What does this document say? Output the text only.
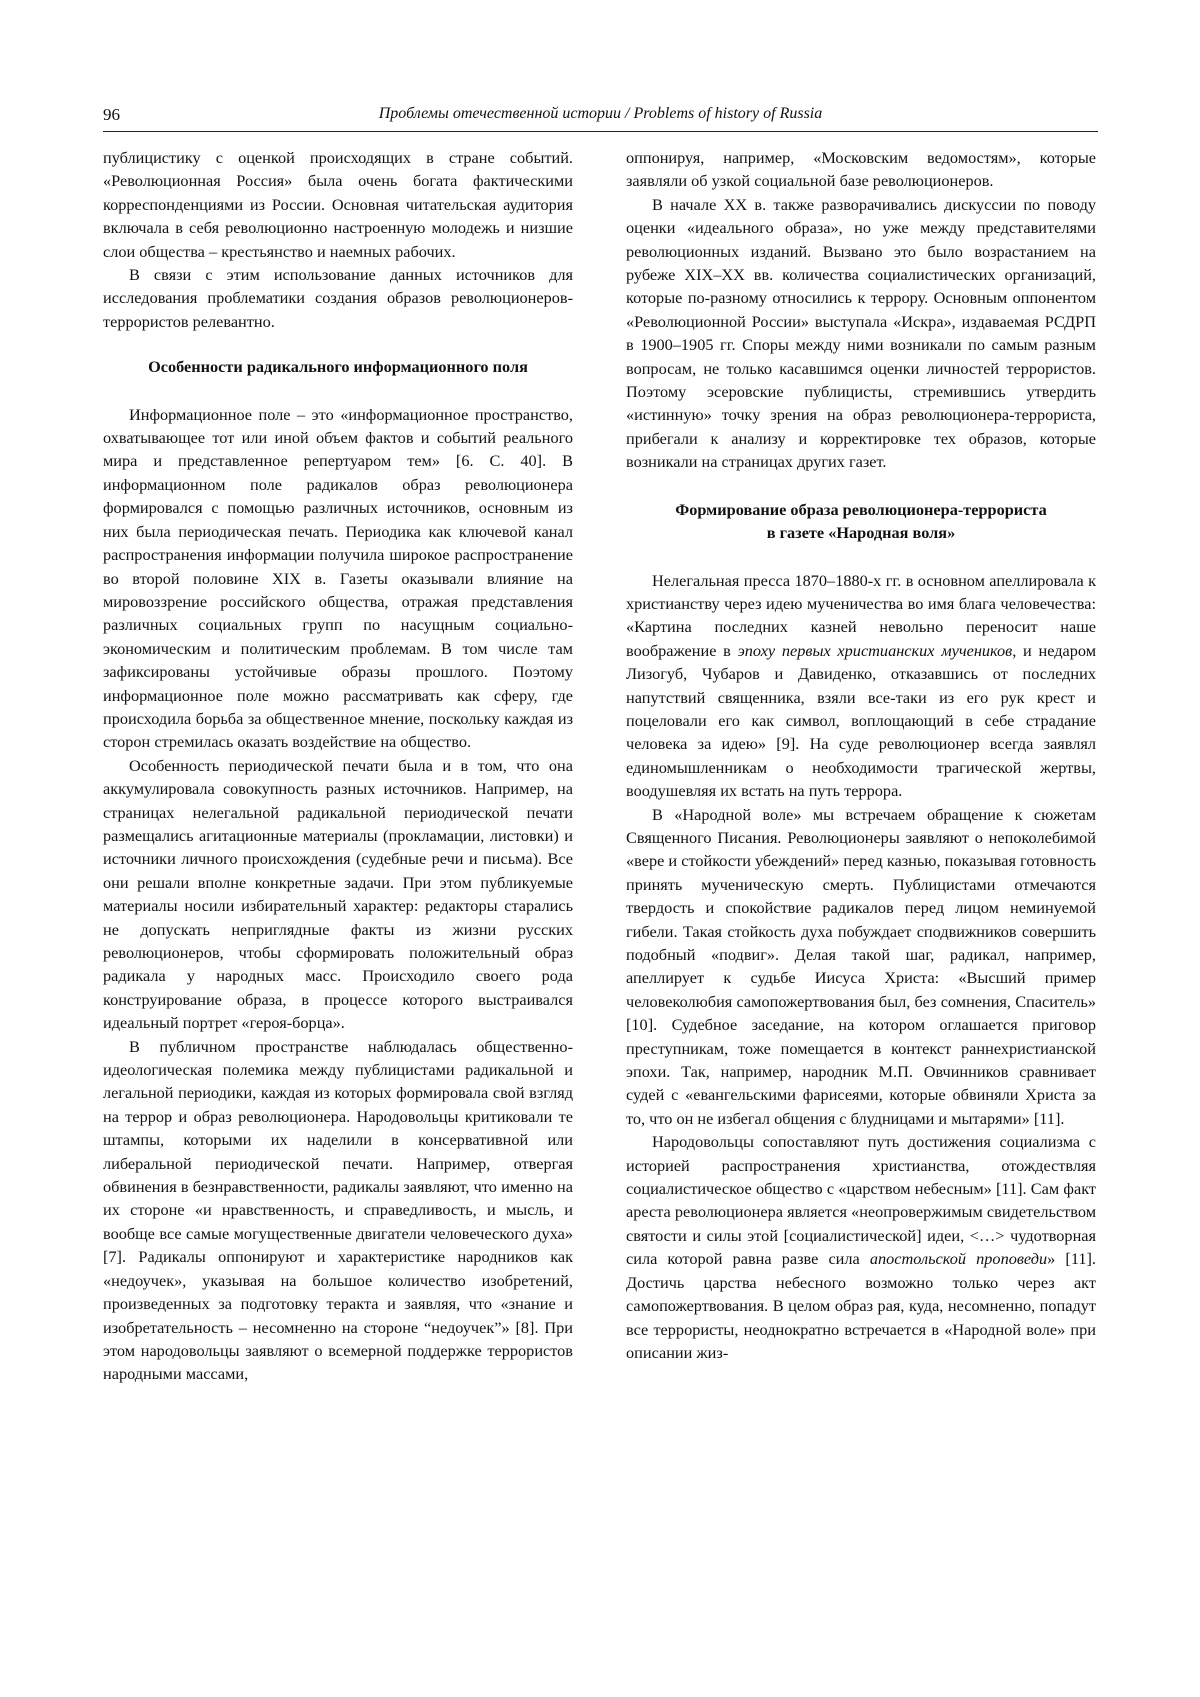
96	Проблемы отечественной истории / Problems of history of Russia

публицистику с оценкой происходящих в стране событий. «Революционная Россия» была очень богата фактическими корреспонденциями из России. Основная читательская аудитория включала в себя революционно настроенную молодежь и низшие слои общества – крестьянство и наемных рабочих.

В связи с этим использование данных источников для исследования проблематики создания образов революционеров-террористов релевантно.

Особенности радикального информационного поля

Информационное поле – это «информационное пространство, охватывающее тот или иной объем фактов и событий реального мира и представленное репертуаром тем» [6. С. 40]. В информационном поле радикалов образ революционера формировался с помощью различных источников, основным из них была периодическая печать. Периодика как ключевой канал распространения информации получила широкое распространение во второй половине XIX в. Газеты оказывали влияние на мировоззрение российского общества, отражая представления различных социальных групп по насущным социально-экономическим и политическим проблемам. В том числе там зафиксированы устойчивые образы прошлого. Поэтому информационное поле можно рассматривать как сферу, где происходила борьба за общественное мнение, поскольку каждая из сторон стремилась оказать воздействие на общество.

Особенность периодической печати была и в том, что она аккумулировала совокупность разных источников. Например, на страницах нелегальной радикальной периодической печати размещались агитационные материалы (прокламации, листовки) и источники личного происхождения (судебные речи и письма). Все они решали вполне конкретные задачи. При этом публикуемые материалы носили избирательный характер: редакторы старались не допускать неприглядные факты из жизни русских революционеров, чтобы сформировать положительный образ радикала у народных масс. Происходило своего рода конструирование образа, в процессе которого выстраивался идеальный портрет «героя-борца».

В публичном пространстве наблюдалась общественно-идеологическая полемика между публицистами радикальной и легальной периодики, каждая из которых формировала свой взгляд на террор и образ революционера. Народовольцы критиковали те штампы, которыми их наделили в консервативной или либеральной периодической печати. Например, отвергая обвинения в безнравственности, радикалы заявляют, что именно на их стороне «и нравственность, и справедливость, и мысль, и вообще все самые могущественные двигатели человеческого духа» [7]. Радикалы оппонируют и характеристике народников как «недоучек», указывая на большое количество изобретений, произведенных за подготовку теракта и заявляя, что «знание и изобретательность – несомненно на стороне “недоучек”» [8]. При этом народовольцы заявляют о всемерной поддержке террористов народными массами,

оппонируя, например, «Московским ведомостям», которые заявляли об узкой социальной базе революционеров.

В начале XX в. также разворачивались дискуссии по поводу оценки «идеального образа», но уже между представителями революционных изданий. Вызвано это было возрастанием на рубеже XIX–XX вв. количества социалистических организаций, которые по-разному относились к террору. Основным оппонентом «Революционной России» выступала «Искра», издаваемая РСДРП в 1900–1905 гг. Споры между ними возникали по самым разным вопросам, не только касавшимся оценки личностей террористов. Поэтому эсеровские публицисты, стремившись утвердить «истинную» точку зрения на образ революционера-террориста, прибегали к анализу и корректировке тех образов, которые возникали на страницах других газет.

Формирование образа революционера-террориста
в газете «Народная воля»

Нелегальная пресса 1870–1880-х гг. в основном апеллировала к христианству через идею мученичества во имя блага человечества: «Картина последних казней невольно переносит наше воображение в эпоху первых христианских мучеников, и недаром Лизогуб, Чубаров и Давиденко, отказавшись от последних напутствий священника, взяли все-таки из его рук крест и поцеловали его как символ, воплощающий в себе страдание человека за идею» [9]. На суде революционер всегда заявлял единомышленникам о необходимости трагической жертвы, воодушевляя их встать на путь террора.

В «Народной воле» мы встречаем обращение к сюжетам Священного Писания. Революционеры заявляют о непоколебимой «вере и стойкости убеждений» перед казнью, показывая готовность принять мученическую смерть. Публицистами отмечаются твердость и спокойствие радикалов перед лицом неминуемой гибели. Такая стойкость духа побуждает сподвижников совершить подобный «подвиг». Делая такой шаг, радикал, например, апеллирует к судьбе Иисуса Христа: «Высший пример человеколюбия самопожертвования был, без сомнения, Спаситель» [10]. Судебное заседание, на котором оглашается приговор преступникам, тоже помещается в контекст раннехристианской эпохи. Так, например, народник М.П. Овчинников сравнивает судей с «евангельскими фарисеями, которые обвиняли Христа за то, что он не избегал общения с блудницами и мытарями» [11].

Народовольцы сопоставляют путь достижения социализма с историей распространения христианства, отождествляя социалистическое общество с «царством небесным» [11]. Сам факт ареста революционера является «неопровержимым свидетельством святости и силы этой [социалистической] идеи, <…> чудотворная сила которой равна разве сила апостольской проповеди» [11]. Достичь царства небесного возможно только через акт самопожертвования. В целом образ рая, куда, несомненно, попадут все террористы, неоднократно встречается в «Народной воле» при описании жиз-
